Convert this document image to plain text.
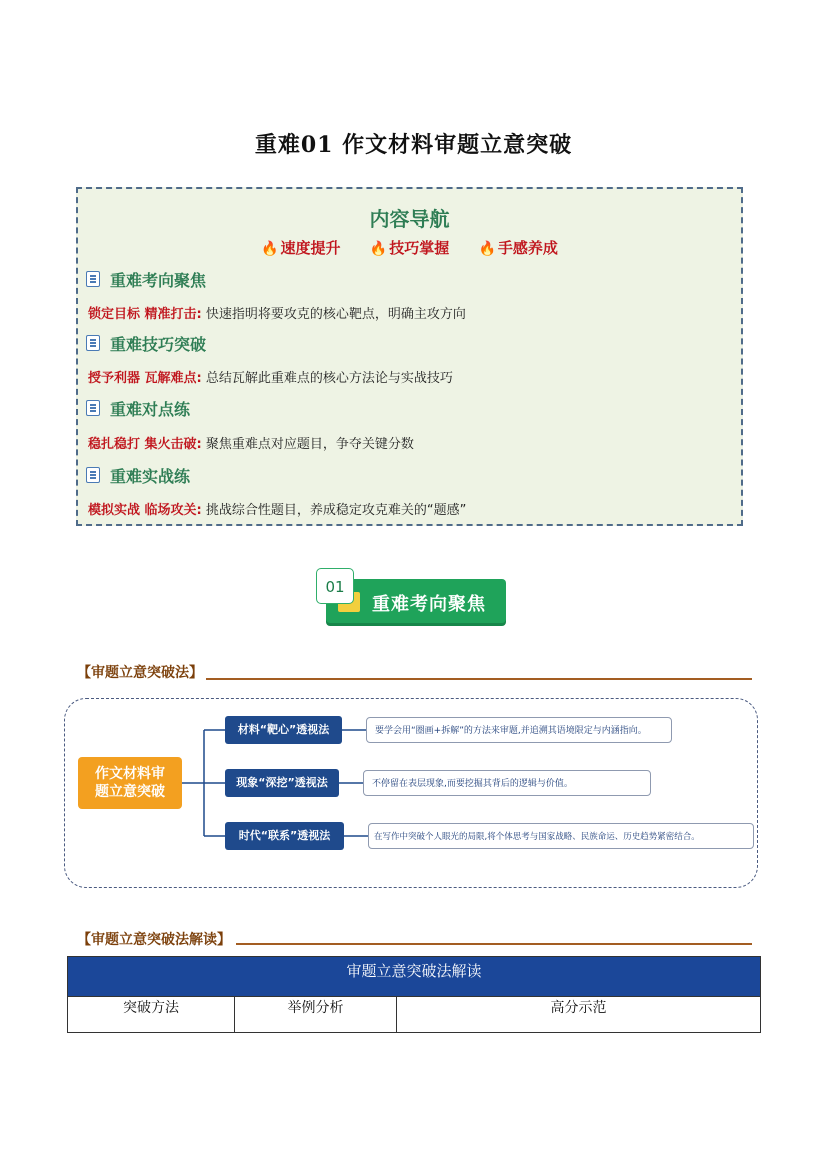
重难01 作文材料审题立意突破
内容导航
🔥 速度提升 🔥 技巧掌握 🔥 手感养成
重难考向聚焦
锁定目标 精准打击: 快速指明将要攻克的核心靶点，明确主攻方向
重难技巧突破
授予利器 瓦解难点: 总结瓦解此重难点的核心方法论与实战技巧
重难对点练
稳扎稳打 集火击破: 聚焦重难点对应题目，争夺关键分数
重难实战练
模拟实战 临场攻关: 挑战综合性题目，养成稳定攻克难关的“题感”
01
重难考向聚焦
【审题立意突破法】
作文材料审
题立意突破
材料“靶心”透视法	要学会用“圈画+拆解”的方法来审题,并追溯其语境限定与内涵指向。
现象“深挖”透视法	不停留在表层现象,而要挖掘其背后的逻辑与价值。
时代“联系”透视法	在写作中突破个人眼光的局限,将个体思考与国家战略、民族命运、历史趋势紧密结合。
【审题立意突破法解读】
审题立意突破法解读
突破方法	举例分析	高分示范
